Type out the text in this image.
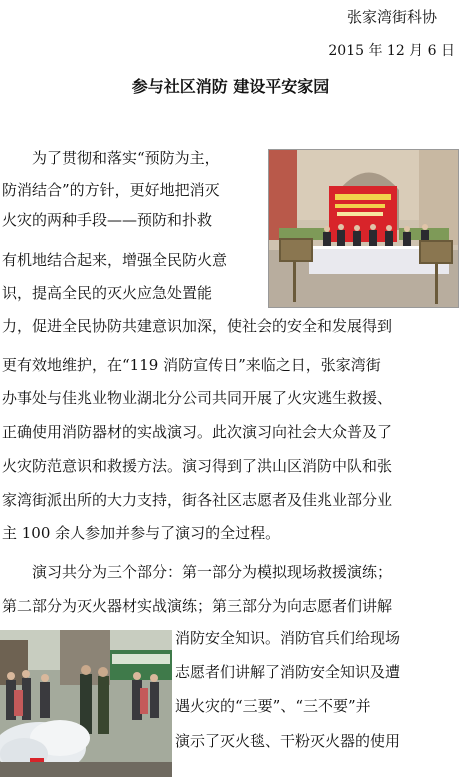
张家湾街科协
2015 年 12 月 6 日
参与社区消防 建设平安家园
为了贯彻和落实“预防为主，
防消结合”的方针，更好地把消灭
火灾的两种手段——预防和扑救
有机地结合起来，增强全民防火意
识，提高全民的灭火应急处置能
力，促进全民协防共建意识加深，使社会的安全和发展得到
更有效地维护，在“119 消防宣传日”来临之日，张家湾街
办事处与佳兆业物业湖北分公司共同开展了火灾逃生救援、
正确使用消防器材的实战演习。此次演习向社会大众普及了
火灾防范意识和救援方法。演习得到了洪山区消防中队和张
家湾街派出所的大力支持，街各社区志愿者及佳兆业部分业
主 100 余人参加并参与了演习的全过程。
演习共分为三个部分：第一部分为模拟现场救援演练；
第二部分为灭火器材实战演练；第三部分为向志愿者们讲解
消防安全知识。消防官兵们给现场
志愿者们讲解了消防安全知识及遭
遇火灾的“三要”、“三不要”并
演示了灭火毯、干粉灭火器的使用
